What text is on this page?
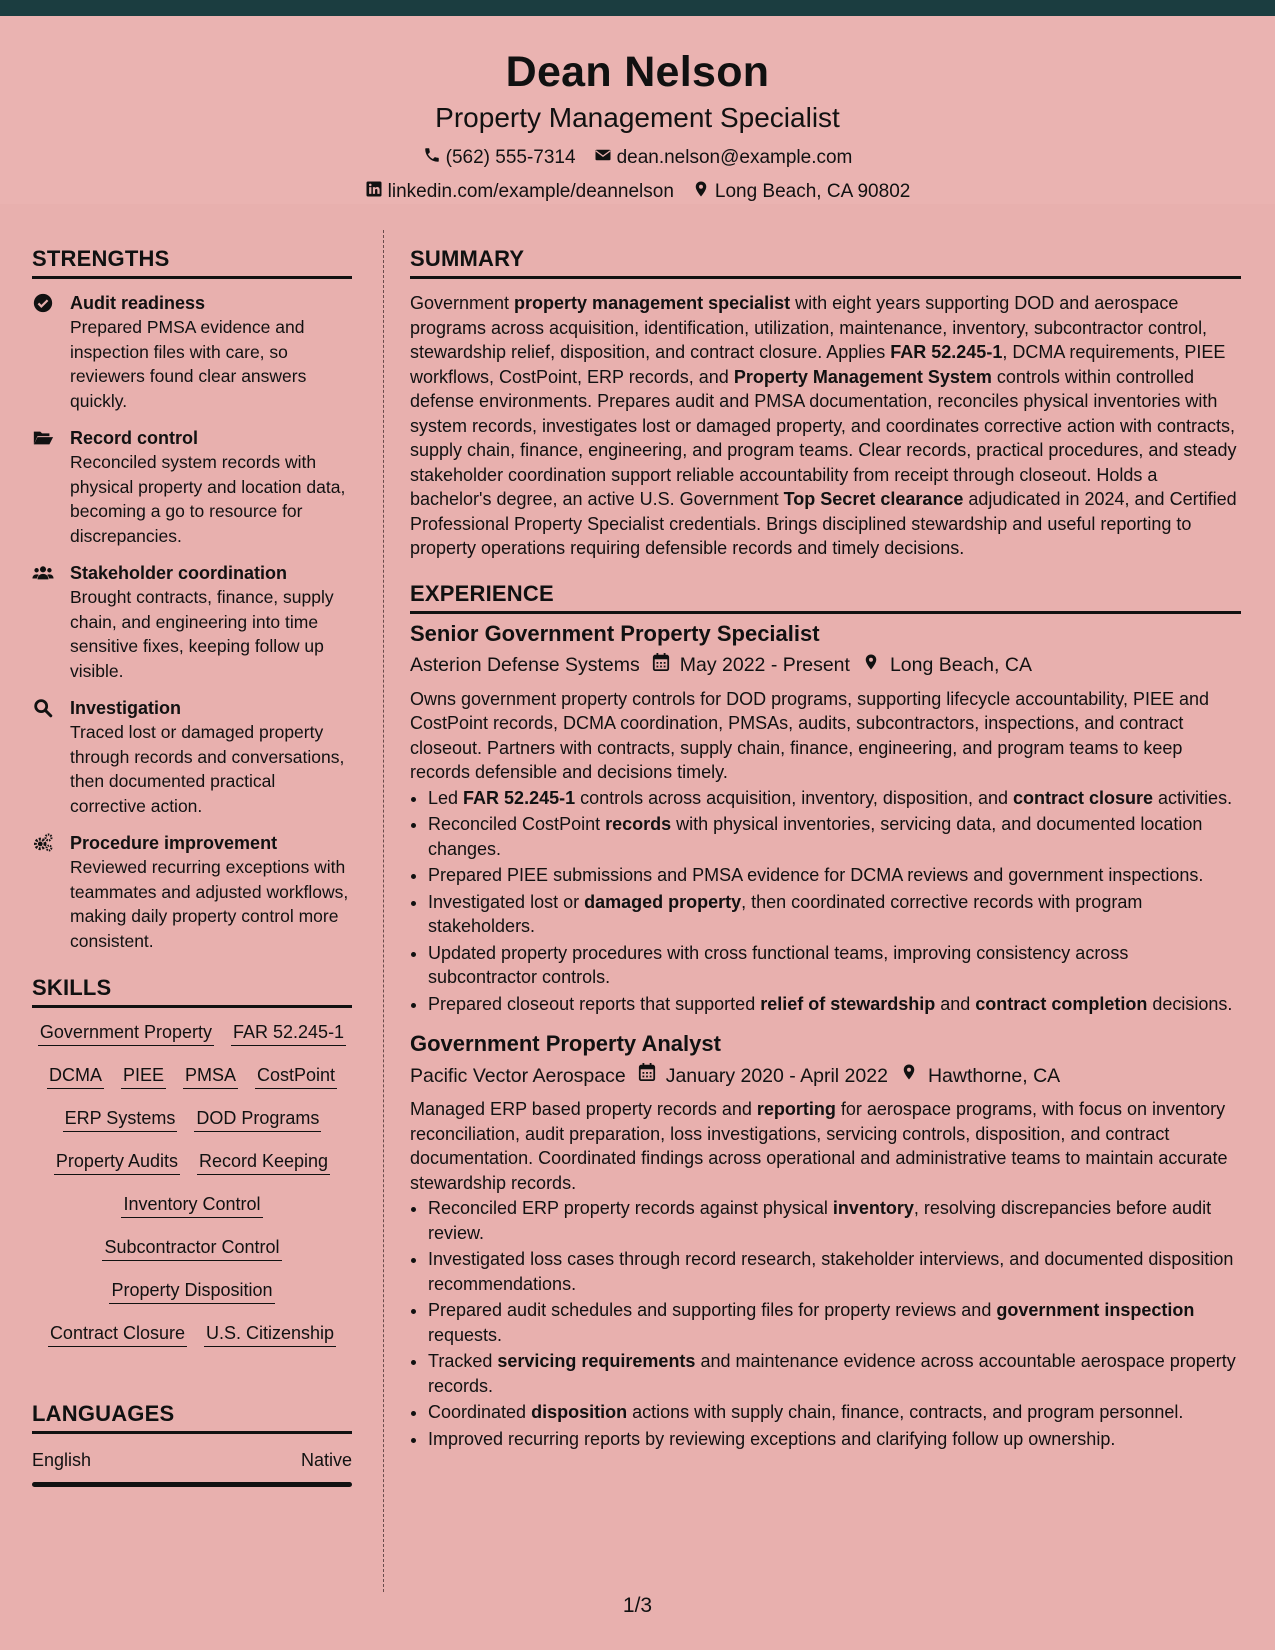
Dean Nelson
Property Management Specialist
(562) 555-7314 dean.nelson@example.com
linkedin.com/example/deannelson Long Beach, CA 90802
STRENGTHS
Audit readiness
Prepared PMSA evidence and inspection files with care, so reviewers found clear answers quickly.
Record control
Reconciled system records with physical property and location data, becoming a go to resource for discrepancies.
Stakeholder coordination
Brought contracts, finance, supply chain, and engineering into time sensitive fixes, keeping follow up visible.
Investigation
Traced lost or damaged property through records and conversations, then documented practical corrective action.
Procedure improvement
Reviewed recurring exceptions with teammates and adjusted workflows, making daily property control more consistent.
SKILLS
Government Property FAR 52.245-1
DCMA PIEE PMSA CostPoint
ERP Systems DOD Programs
Property Audits Record Keeping
Inventory Control
Subcontractor Control
Property Disposition
Contract Closure U.S. Citizenship
LANGUAGES
English	Native
SUMMARY

Government property management specialist with eight years supporting DOD and aerospace programs across acquisition, identification, utilization, maintenance, inventory, subcontractor control, stewardship relief, disposition, and contract closure. Applies FAR 52.245-1, DCMA requirements, PIEE workflows, CostPoint, ERP records, and Property Management System controls within controlled defense environments. Prepares audit and PMSA documentation, reconciles physical inventories with system records, investigates lost or damaged property, and coordinates corrective action with contracts, supply chain, finance, engineering, and program teams. Clear records, practical procedures, and steady stakeholder coordination support reliable accountability from receipt through closeout. Holds a bachelor's degree, an active U.S. Government Top Secret clearance adjudicated in 2024, and Certified Professional Property Specialist credentials. Brings disciplined stewardship and useful reporting to property operations requiring defensible records and timely decisions.

EXPERIENCE
Senior Government Property Specialist
Asterion Defense Systems May 2022 - Present Long Beach, CA

Owns government property controls for DOD programs, supporting lifecycle accountability, PIEE and CostPoint records, DCMA coordination, PMSAs, audits, subcontractors, inspections, and contract closeout. Partners with contracts, supply chain, finance, engineering, and program teams to keep records defensible and decisions timely.

• Led FAR 52.245-1 controls across acquisition, inventory, disposition, and contract closure activities.
• Reconciled CostPoint records with physical inventories, servicing data, and documented location changes.
• Prepared PIEE submissions and PMSA evidence for DCMA reviews and government inspections.
• Investigated lost or damaged property, then coordinated corrective records with program stakeholders.
• Updated property procedures with cross functional teams, improving consistency across subcontractor controls.
• Prepared closeout reports that supported relief of stewardship and contract completion decisions.
Government Property Analyst
Pacific Vector Aerospace January 2020 - April 2022 Hawthorne, CA

Managed ERP based property records and reporting for aerospace programs, with focus on inventory reconciliation, audit preparation, loss investigations, servicing controls, disposition, and contract documentation. Coordinated findings across operational and administrative teams to maintain accurate stewardship records.

• Reconciled ERP property records against physical inventory, resolving discrepancies before audit review.
• Investigated loss cases through record research, stakeholder interviews, and documented disposition recommendations.
• Prepared audit schedules and supporting files for property reviews and government inspection requests.
• Tracked servicing requirements and maintenance evidence across accountable aerospace property records.
• Coordinated disposition actions with supply chain, finance, contracts, and program personnel.
• Improved recurring reports by reviewing exceptions and clarifying follow up ownership.
1/3
